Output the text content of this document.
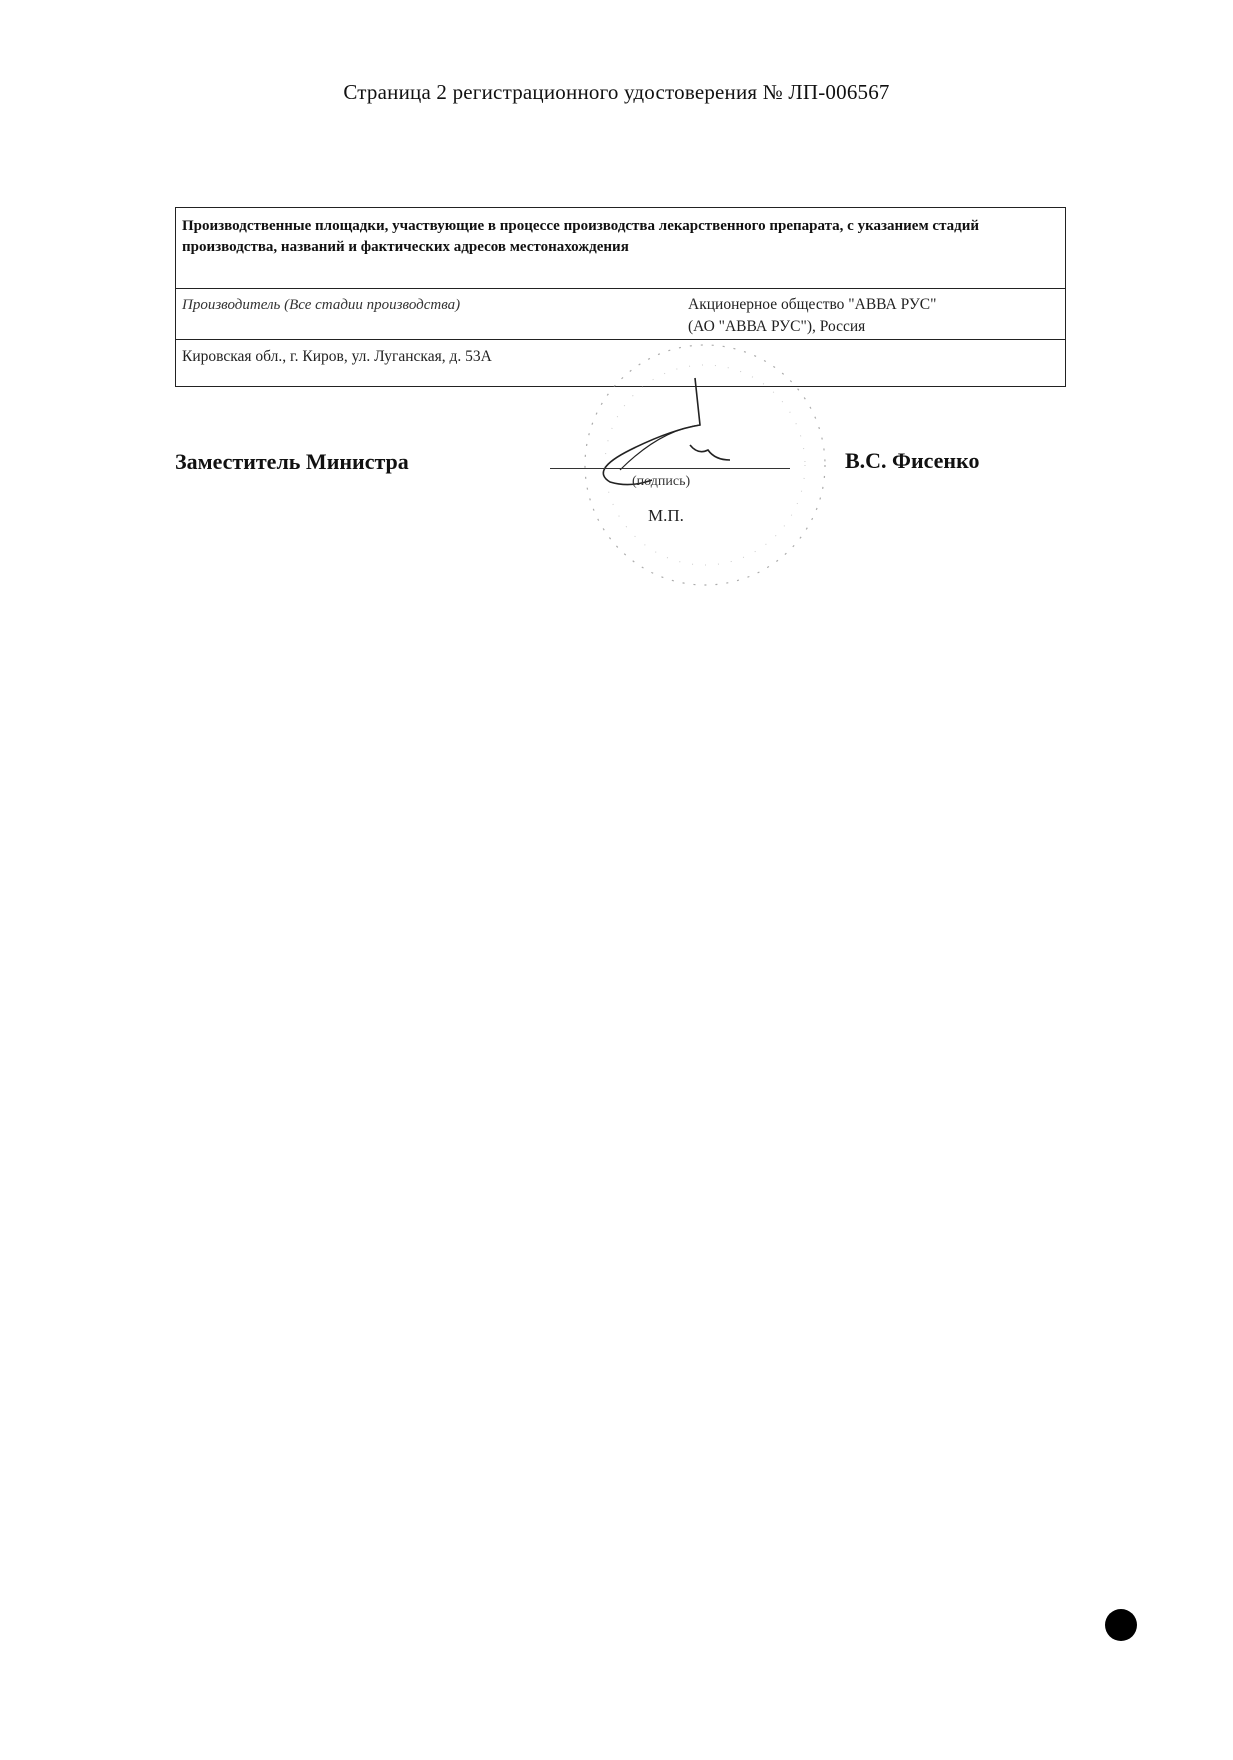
Страница 2 регистрационного удостоверения № ЛП-006567
Производственные площадки, участвующие в процессе производства лекарственного препарата, с указанием стадий производства, названий и фактических адресов местонахождения

Производитель (Все стадии производства)	Акционерное общество "АВВА РУС"
(АО "АВВА РУС"), Россия

Кировская обл., г. Киров, ул. Луганская, д. 53А
Заместитель Министра
(подпись)
В.С. Фисенко
М.П.
